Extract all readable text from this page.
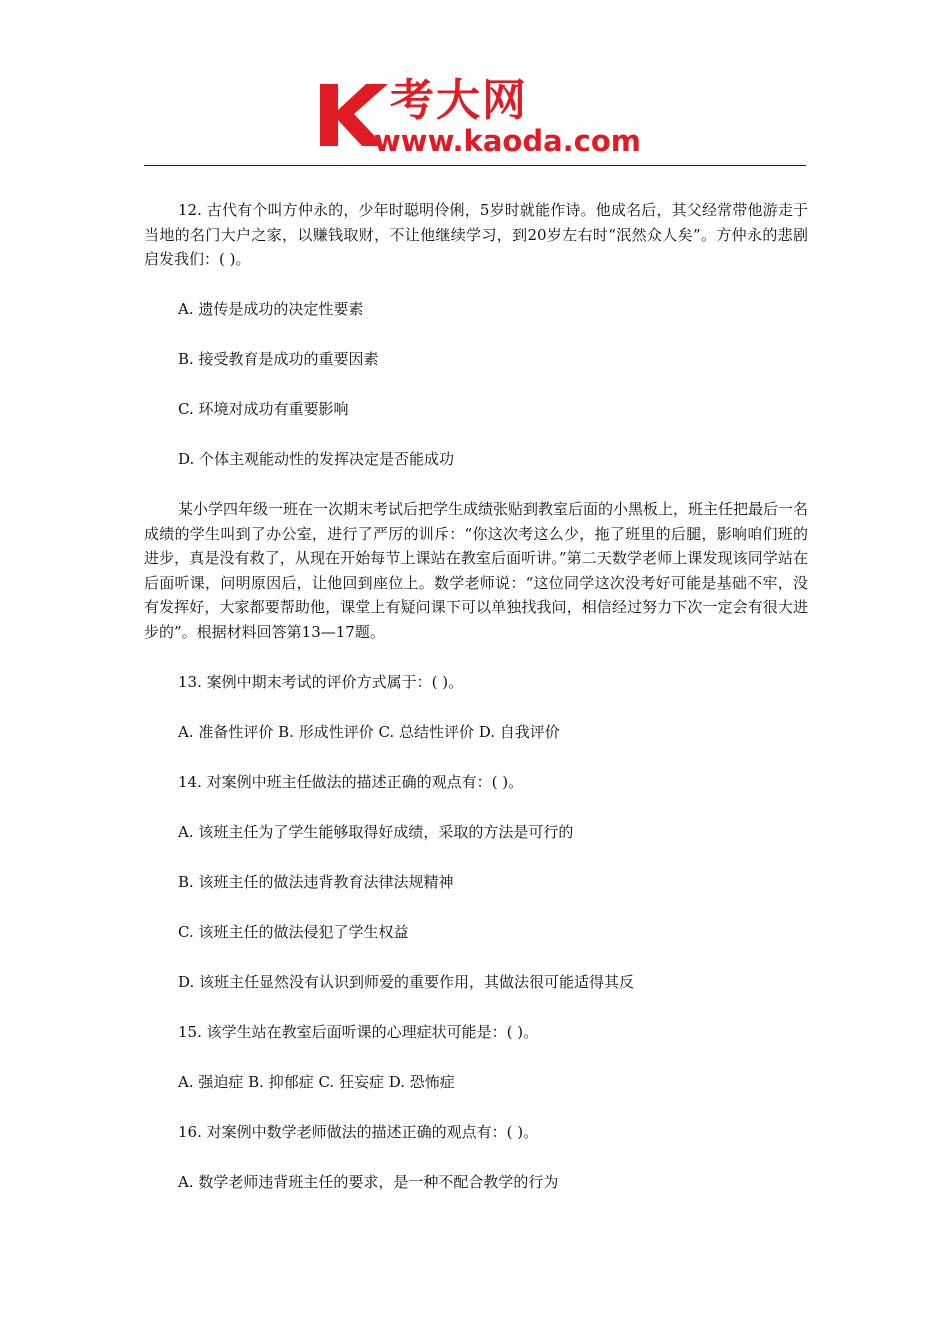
考大网
www.kaoda.com

12. 古代有个叫方仲永的，少年时聪明伶俐，5岁时就能作诗。他成名后，其父经常带他游走于当地的名门大户之家，以赚钱取财，不让他继续学习，到20岁左右时“泯然众人矣”。方仲永的悲剧启发我们：( )。

A. 遗传是成功的决定性要素

B. 接受教育是成功的重要因素

C. 环境对成功有重要影响

D. 个体主观能动性的发挥决定是否能成功

某小学四年级一班在一次期末考试后把学生成绩张贴到教室后面的小黑板上，班主任把最后一名成绩的学生叫到了办公室，进行了严厉的训斥：“你这次考这么少，拖了班里的后腿，影响咱们班的进步，真是没有救了，从现在开始每节上课站在教室后面听讲。”第二天数学老师上课发现该同学站在后面听课，问明原因后，让他回到座位上。数学老师说：“这位同学这次没考好可能是基础不牢，没有发挥好，大家都要帮助他，课堂上有疑问课下可以单独找我问，相信经过努力下次一定会有很大进步的”。根据材料回答第13—17题。

13. 案例中期末考试的评价方式属于：( )。

A. 准备性评价 B. 形成性评价 C. 总结性评价 D. 自我评价

14. 对案例中班主任做法的描述正确的观点有：( )。

A. 该班主任为了学生能够取得好成绩，采取的方法是可行的

B. 该班主任的做法违背教育法律法规精神

C. 该班主任的做法侵犯了学生权益

D. 该班主任显然没有认识到师爱的重要作用，其做法很可能适得其反

15. 该学生站在教室后面听课的心理症状可能是：( )。

A. 强迫症 B. 抑郁症 C. 狂妄症 D. 恐怖症

16. 对案例中数学老师做法的描述正确的观点有：( )。

A. 数学老师违背班主任的要求，是一种不配合教学的行为
